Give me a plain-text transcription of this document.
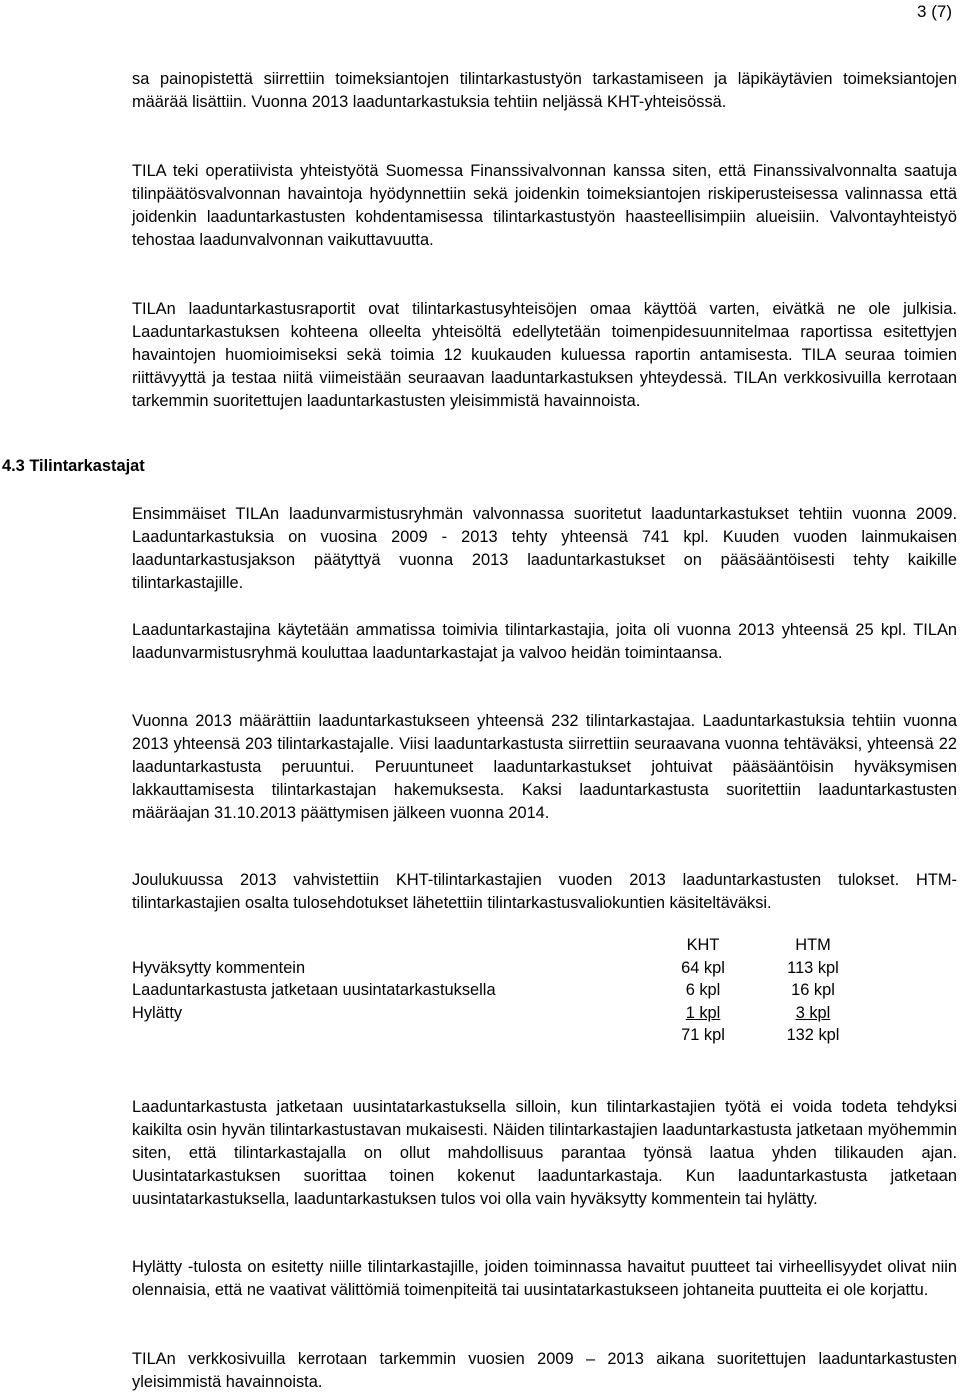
3 (7)

sa painopistettä siirrettiin toimeksiantojen tilintarkastustyön tarkastamiseen ja läpikäytävien toimeksiantojen määrää lisättiin. Vuonna 2013 laaduntarkastuksia tehtiin neljässä KHT-yhteisössä.

TILA teki operatiivista yhteistyötä Suomessa Finanssivalvonnan kanssa siten, että Finanssivalvonnalta saatuja tilinpäätösvalvonnan havaintoja hyödynnettiin sekä joidenkin toimeksiantojen riskiperusteisessa valinnassa että joidenkin laaduntarkastusten kohdentamisessa tilintarkastustyön haasteellisimpiin alueisiin. Valvontayhteistyö tehostaa laadunvalvonnan vaikuttavuutta.

TILAn laaduntarkastusraportit ovat tilintarkastusyhteisöjen omaa käyttöä varten, eivätkä ne ole julkisia. Laaduntarkastuksen kohteena olleelta yhteisöltä edellytetään toimenpidesuunnitelmaa raportissa esitettyjen havaintojen huomioimiseksi sekä toimia 12 kuukauden kuluessa raportin antamisesta. TILA seuraa toimien riittävyyttä ja testaa niitä viimeistään seuraavan laaduntarkastuksen yhteydessä. TILAn verkkosivuilla kerrotaan tarkemmin suoritettujen laaduntarkastusten yleisimmistä havainnoista.

4.3 Tilintarkastajat

Ensimmäiset TILAn laadunvarmistusryhmän valvonnassa suoritetut laaduntarkastukset tehtiin vuonna 2009. Laaduntarkastuksia on vuosina 2009 - 2013 tehty yhteensä 741 kpl. Kuuden vuoden lainmukaisen laaduntarkastusjakson päätyttyä vuonna 2013 laaduntarkastukset on pääsääntöisesti tehty kaikille tilintarkastajille.

Laaduntarkastajina käytetään ammatissa toimivia tilintarkastajia, joita oli vuonna 2013 yhteensä 25 kpl. TILAn laadunvarmistusryhmä kouluttaa laaduntarkastajat ja valvoo heidän toimintaansa.

Vuonna 2013 määrättiin laaduntarkastukseen yhteensä 232 tilintarkastajaa. Laaduntarkastuksia tehtiin vuonna 2013 yhteensä 203 tilintarkastajalle. Viisi laaduntarkastusta siirrettiin seuraavana vuonna tehtäväksi, yhteensä 22 laaduntarkastusta peruuntui. Peruuntuneet laaduntarkastukset johtuivat pääsääntöisin hyväksymisen lakkauttamisesta tilintarkastajan hakemuksesta. Kaksi laaduntarkastusta suoritettiin laaduntarkastusten määräajan 31.10.2013 päättymisen jälkeen vuonna 2014.

Joulukuussa 2013 vahvistettiin KHT-tilintarkastajien vuoden 2013 laaduntarkastusten tulokset. HTM-tilintarkastajien osalta tulosehdotukset lähetettiin tilintarkastusvaliokuntien käsiteltäväksi.

	KHT	HTM
Hyväksytty kommentein	64 kpl	113 kpl
Laaduntarkastusta jatketaan uusintatarkastuksella	6 kpl	16 kpl
Hylätty	1 kpl	3 kpl
	71 kpl	132 kpl

Laaduntarkastusta jatketaan uusintatarkastuksella silloin, kun tilintarkastajien työtä ei voida todeta tehdyksi kaikilta osin hyvän tilintarkastustavan mukaisesti. Näiden tilintarkastajien laaduntarkastusta jatketaan myöhemmin siten, että tilintarkastajalla on ollut mahdollisuus parantaa työnsä laatua yhden tilikauden ajan. Uusintatarkastuksen suorittaa toinen kokenut laaduntarkastaja. Kun laaduntarkastusta jatketaan uusintatarkastuksella, laaduntarkastuksen tulos voi olla vain hyväksytty kommentein tai hylätty.

Hylätty -tulosta on esitetty niille tilintarkastajille, joiden toiminnassa havaitut puutteet tai virheellisyydet olivat niin olennaisia, että ne vaativat välittömiä toimenpiteitä tai uusintatarkastukseen johtaneita puutteita ei ole korjattu.

TILAn verkkosivuilla kerrotaan tarkemmin vuosien 2009 – 2013 aikana suoritettujen laaduntarkastusten yleisimmistä havainnoista.
